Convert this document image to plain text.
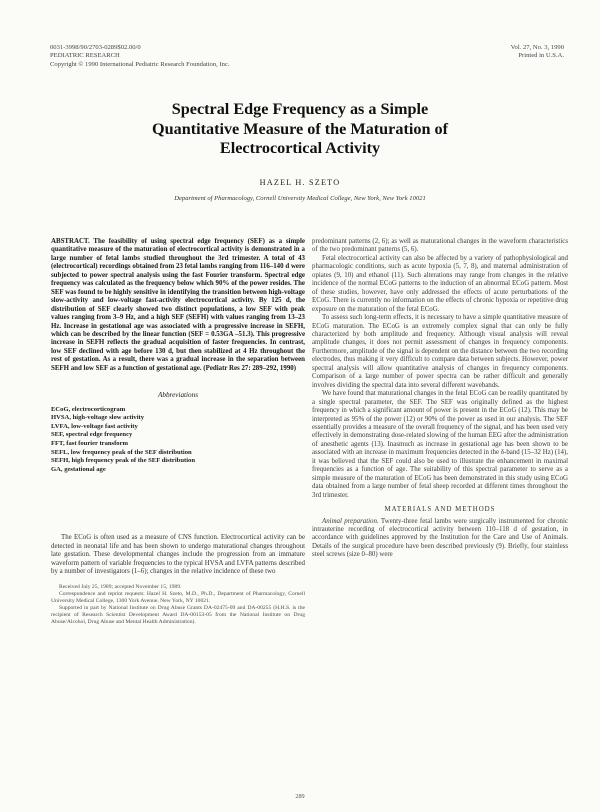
0031-3998/90/2703-0289$02.00/0
PEDIATRIC RESEARCH
Copyright © 1990 International Pediatric Research Foundation, Inc.
Vol. 27, No. 3, 1990
Printed in U.S.A.
Spectral Edge Frequency as a Simple
Quantitative Measure of the Maturation of
Electrocortical Activity
HAZEL H. SZETO
Department of Pharmacology, Cornell University Medical College, New York, New York 10021

ABSTRACT. The feasibility of using spectral edge frequency (SEF) as a simple quantitative measure of the maturation of electrocortical activity is demonstrated in a large number of fetal lambs studied throughout the 3rd trimester. A total of 43 (electrocortical) recordings obtained from 23 fetal lambs ranging from 116–140 d were subjected to power spectral analysis using the fast Fourier transform. Spectral edge frequency was calculated as the frequency below which 90% of the power resides. The SEF was found to be highly sensitive in identifying the transition between high-voltage slow-activity and low-voltage fast-activity electrocortical activity. By 125 d, the distribution of SEF clearly showed two distinct populations, a low SEF with peak values ranging from 3–9 Hz, and a high SEF (SEFH) with values ranging from 13–23 Hz. Increase in gestational age was associated with a progressive increase in SEFH, which can be described by the linear function (SEF = 0.53GA –51.3). This progressive increase in SEFH reflects the gradual acquisition of faster frequencies. In contrast, low SEF declined with age before 130 d, but then stabilized at 4 Hz throughout the rest of gestation. As a result, there was a gradual increase in the separation between SEFH and low SEF as a function of gestational age. (Pediatr Res 27: 289–292, 1990)

Abbreviations
ECoG, electrocorticogram
HVSA, high-voltage slow activity
LVFA, low-voltage fast activity
SEF, spectral edge frequency
FFT, fast fourier transform
SEFL, low frequency peak of the SEF distribution
SEFH, high frequency peak of the SEF distribution
GA, gestational age

The ECoG is often used as a measure of CNS function. Electrocortical activity can be detected in neonatal life and has been shown to undergo maturational changes throughout late gestation. These developmental changes include the progression from an immature waveform pattern of variable frequencies to the typical HVSA and LVFA patterns described by a number of investigators (1–6); changes in the relative incidence of these two

Received July 25, 1989; accepted November 15, 1989.

Correspondence and reprint requests: Hazel H. Szeto, M.D., Ph.D., Department of Pharmacology, Cornell University Medical College, 1300 York Avenue, New York, NY 10021.

Supported in part by National Institute on Drug Abuse Grants DA-02475-09 and DA-00255 (H.H.S. is the recipient of Research Scientist Development Award DA-00153-05 from the National Institute on Drug Abuse/Alcohol, Drug Abuse and Mental Health Administration).

predominant patterns (2, 6); as well as maturational changes in the waveform characteristics of the two predominant patterns (5, 6).

Fetal electrocortical activity can also be affected by a variety of pathophysiological and pharmacologic conditions, such as acute hypoxia (5, 7, 8), and maternal administration of opiates (9, 10) and ethanol (11). Such alterations may range from changes in the relative incidence of the normal ECoG patterns to the induction of an abnormal ECoG pattern. Most of these studies, however, have only addressed the effects of acute perturbations of the ECoG. There is currently no information on the effects of chronic hypoxia or repetitive drug exposure on the maturation of the fetal ECoG.

To assess such long-term effects, it is necessary to have a simple quantitative measure of ECoG maturation. The ECoG is an extremely complex signal that can only be fully characterized by both amplitude and frequency. Although visual analysis will reveal amplitude changes, it does not permit assessment of changes in frequency components. Furthermore, amplitude of the signal is dependent on the distance between the two recording electrodes, thus making it very difficult to compare data between subjects. However, power spectral analysis will allow quantitative analysis of changes in frequency components. Comparison of a large number of power spectra can be rather difficult and generally involves dividing the spectral data into several different wavebands.

We have found that maturational changes in the fetal ECoG can be readily quantitated by a single spectral parameter, the SEF. The SEF was originally defined as the highest frequency in which a significant amount of power is present in the ECoG (12). This may be interpreted as 95% of the power (12) or 90% of the power as used in our analysis. The SEF essentially provides a measure of the overall frequency of the signal, and has been used very effectively in demonstrating dose-related slowing of the human EEG after the administration of anesthetic agents (13). Inasmuch as increase in gestational age has been shown to be associated with an increase in maximum frequencies detected in the δ-band (15–32 Hz) (14), it was believed that the SEF could also be used to illustrate the enhancement in maximal frequencies as a function of age. The suitability of this spectral parameter to serve as a simple measure of the maturation of ECoG has been demonstrated in this study using ECoG data obtained from a large number of fetal sheep recorded at different times throughout the 3rd trimester.

MATERIALS AND METHODS

Animal preparation. Twenty-three fetal lambs were surgically instrumented for chronic intrauterine recording of electrocortical activity between 110–118 d of gestation, in accordance with guidelines approved by the Institution for the Care and Use of Animals. Details of the surgical procedure have been described previously (9). Briefly, four stainless steel screws (size 0–80) were

289
